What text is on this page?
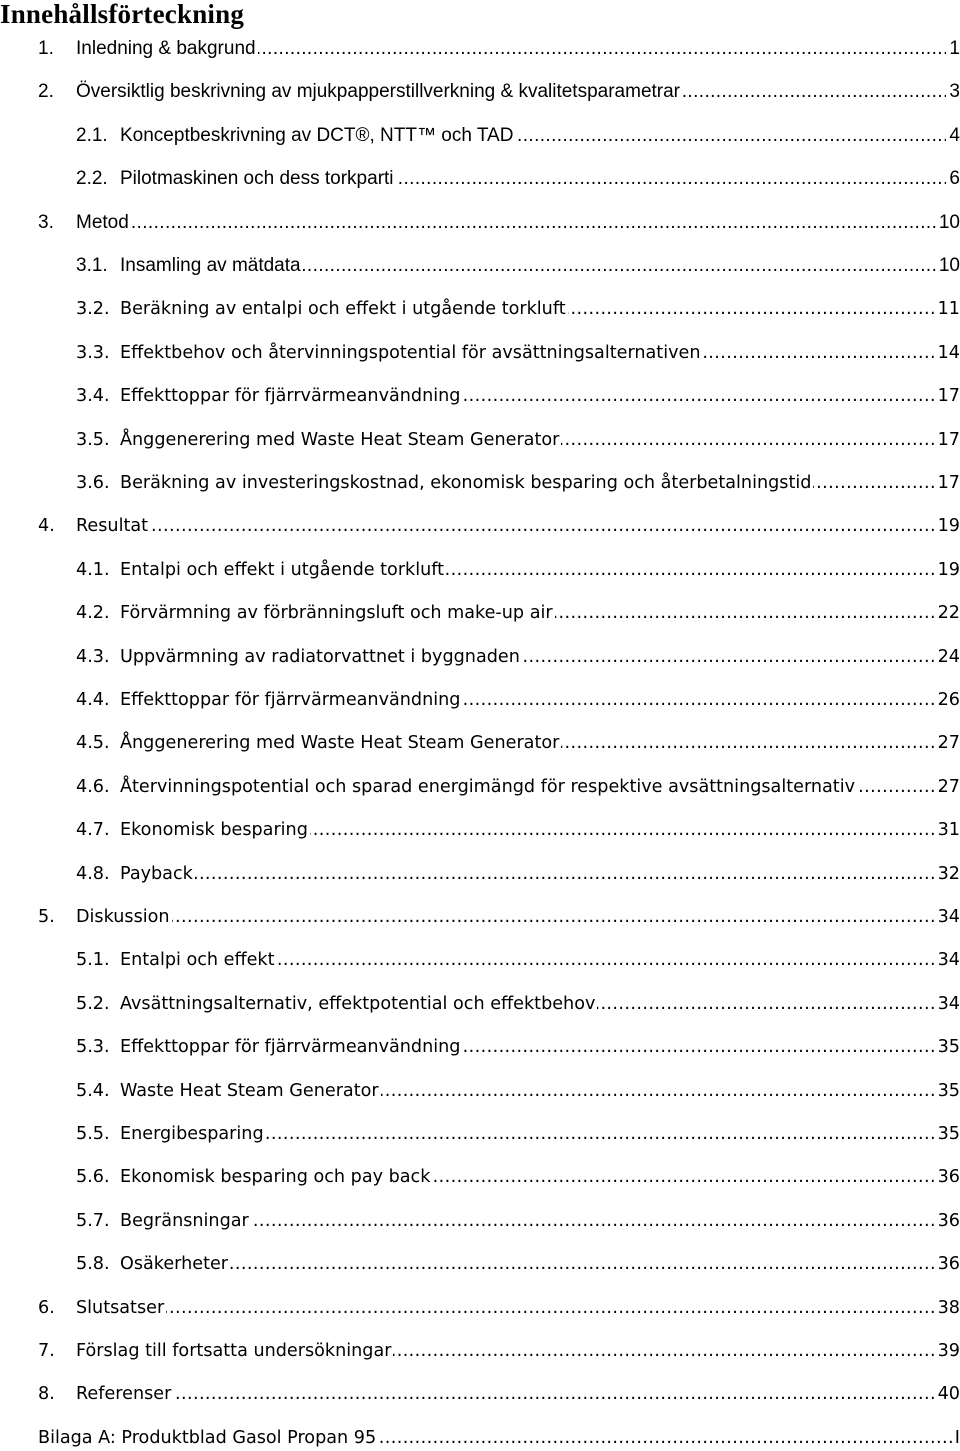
Innehållsförteckning
1. ..... Inledning & bakgrund	1
2. ..... Översiktlig beskrivning av mjukpapperstillverkning & kvalitetsparametrar	3
2.1. ..... Konceptbeskrivning av DCT®, NTT™ och TAD	4
2.2. ..... Pilotmaskinen och dess torkparti	6
3. ..... Metod	10
3.1. ..... Insamling av mätdata	10
3.2. ..... Beräkning av entalpi och effekt i utgående torkluft	11
3.3. ..... Effektbehov och återvinningspotential för avsättningsalternativen	14
3.4. ..... Effekttoppar för fjärrvärmeanvändning	17
3.5. ..... Ånggenerering med Waste Heat Steam Generator	17
3.6. ..... Beräkning av investeringskostnad, ekonomisk besparing och återbetalningstid	17
4. ..... Resultat	19
4.1. ..... Entalpi och effekt i utgående torkluft	19
4.2. ..... Förvärmning av förbränningsluft och make-up air	22
4.3. ..... Uppvärmning av radiatorvattnet i byggnaden	24
4.4. ..... Effekttoppar för fjärrvärmeanvändning	26
4.5. ..... Ånggenerering med Waste Heat Steam Generator	27
4.6. ..... Återvinningspotential och sparad energimängd för respektive avsättningsalternativ	27
4.7. ..... Ekonomisk besparing	31
4.8. ..... Payback	32
5. ..... Diskussion	34
5.1. ..... Entalpi och effekt	34
5.2. ..... Avsättningsalternativ, effektpotential och effektbehov	34
5.3. ..... Effekttoppar för fjärrvärmeanvändning	35
5.4. ..... Waste Heat Steam Generator	35
5.5. ..... Energibesparing	35
5.6. ..... Ekonomisk besparing och pay back	36
5.7. ..... Begränsningar	36
5.8. ..... Osäkerheter	36
6. ..... Slutsatser	38
7. ..... Förslag till fortsatta undersökningar	39
8. ..... Referenser	40
.....
Bilaga A: Produktblad Gasol Propan 95	I
